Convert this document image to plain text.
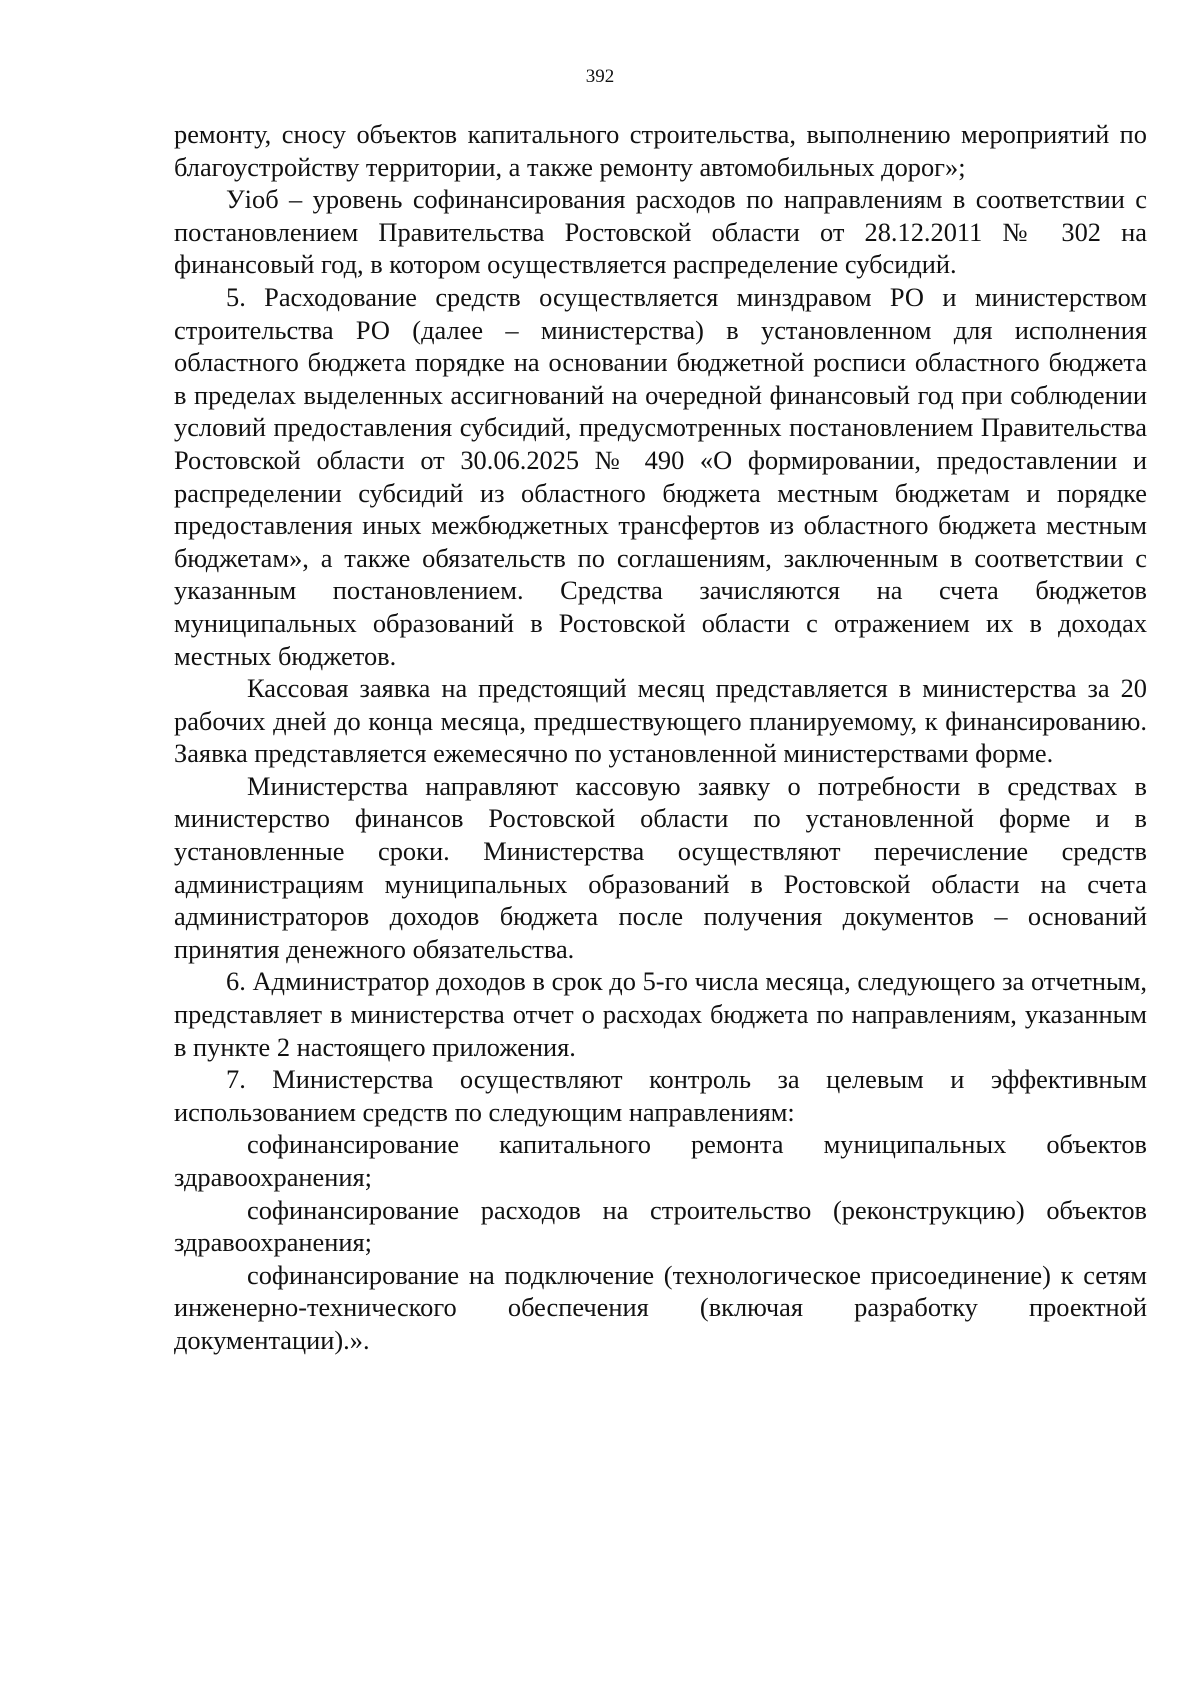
392

ремонту, сносу объектов капитального строительства, выполнению мероприятий по благоустройству территории, а также ремонту автомобильных дорог»;

Уioб – уровень софинансирования расходов по направлениям в соответствии с постановлением Правительства Ростовской области от 28.12.2011 № 302 на финансовый год, в котором осуществляется распределение субсидий.

5. Расходование средств осуществляется минздравом РО и министерством строительства РО (далее – министерства) в установленном для исполнения областного бюджета порядке на основании бюджетной росписи областного бюджета в пределах выделенных ассигнований на очередной финансовый год при соблюдении условий предоставления субсидий, предусмотренных постановлением Правительства Ростовской области от 30.06.2025 № 490 «О формировании, предоставлении и распределении субсидий из областного бюджета местным бюджетам и порядке предоставления иных межбюджетных трансфертов из областного бюджета местным бюджетам», а также обязательств по соглашениям, заключенным в соответствии с указанным постановлением. Средства зачисляются на счета бюджетов муниципальных образований в Ростовской области с отражением их в доходах местных бюджетов.

Кассовая заявка на предстоящий месяц представляется в министерства за 20 рабочих дней до конца месяца, предшествующего планируемому, к финансированию. Заявка представляется ежемесячно по установленной министерствами форме.

Министерства направляют кассовую заявку о потребности в средствах в министерство финансов Ростовской области по установленной форме и в установленные сроки. Министерства осуществляют перечисление средств администрациям муниципальных образований в Ростовской области на счета администраторов доходов бюджета после получения документов – оснований принятия денежного обязательства.

6. Администратор доходов в срок до 5-го числа месяца, следующего за отчетным, представляет в министерства отчет о расходах бюджета по направлениям, указанным в пункте 2 настоящего приложения.

7. Министерства осуществляют контроль за целевым и эффективным использованием средств по следующим направлениям:

софинансирование капитального ремонта муниципальных объектов здравоохранения;

софинансирование расходов на строительство (реконструкцию) объектов здравоохранения;

софинансирование на подключение (технологическое присоединение) к сетям инженерно-технического обеспечения (включая разработку проектной документации).».
